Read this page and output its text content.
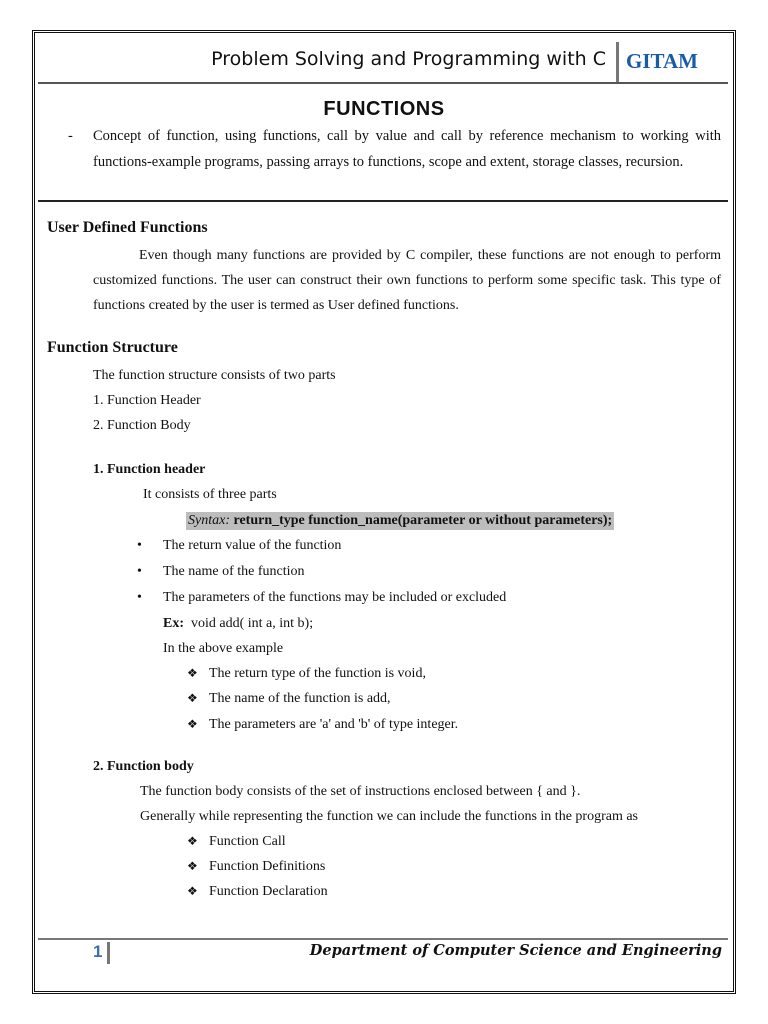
Problem Solving and Programming with C GITAM
FUNCTIONS
- Concept of function, using functions, call by value and call by reference mechanism to working with functions-example programs, passing arrays to functions, scope and extent, storage classes, recursion.
User Defined Functions
Even though many functions are provided by C compiler, these functions are not enough to perform customized functions. The user can construct their own functions to perform some specific task. This type of functions created by the user is termed as User defined functions.
Function Structure
The function structure consists of two parts
1. Function Header
2. Function Body
1. Function header
It consists of three parts
Syntax: return_type function_name(parameter or without parameters);
• The return value of the function
• The name of the function
• The parameters of the functions may be included or excluded
Ex: void add( int a, int b);
In the above example
❖ The return type of the function is void,
❖ The name of the function is add,
❖ The parameters are 'a' and 'b' of type integer.
2. Function body
The function body consists of the set of instructions enclosed between { and }.
Generally while representing the function we can include the functions in the program as
❖ Function Call
❖ Function Definitions
❖ Function Declaration
1	Department of Computer Science and Engineering
